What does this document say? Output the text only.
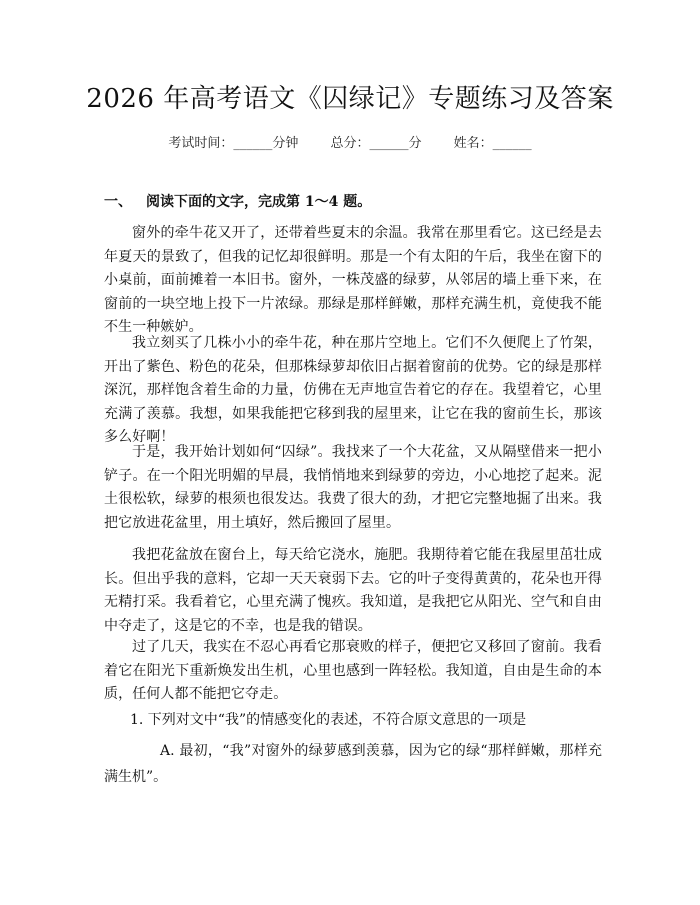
2026 年高考语文《囚绿记》专题练习及答案
考试时间：______分钟 总分：______分 姓名：______
一、 阅读下面的文字，完成第 1～4 题。

窗外的牵牛花又开了，还带着些夏末的余温。我常在那里看它。这已经是去年夏天的景致了，但我的记忆却很鲜明。那是一个有太阳的午后，我坐在窗下的小桌前，面前摊着一本旧书。窗外，一株茂盛的绿萝，从邻居的墙上垂下来，在窗前的一块空地上投下一片浓绿。那绿是那样鲜嫩，那样充满生机，竟使我不能不生一种嫉妒。

我立刻买了几株小小的牵牛花，种在那片空地上。它们不久便爬上了竹架，开出了紫色、粉色的花朵，但那株绿萝却依旧占据着窗前的优势。它的绿是那样深沉，那样饱含着生命的力量，仿佛在无声地宣告着它的存在。我望着它，心里充满了羡慕。我想，如果我能把它移到我的屋里来，让它在我的窗前生长，那该多么好啊！

于是，我开始计划如何“囚绿”。我找来了一个大花盆，又从隔壁借来一把小铲子。在一个阳光明媚的早晨，我悄悄地来到绿萝的旁边，小心地挖了起来。泥土很松软，绿萝的根须也很发达。我费了很大的劲，才把它完整地掘了出来。我把它放进花盆里，用土填好，然后搬回了屋里。

我把花盆放在窗台上，每天给它浇水，施肥。我期待着它能在我屋里茁壮成长。但出乎我的意料，它却一天天衰弱下去。它的叶子变得黄黄的，花朵也开得无精打采。我看着它，心里充满了愧疚。我知道，是我把它从阳光、空气和自由中夺走了，这是它的不幸，也是我的错误。

过了几天，我实在不忍心再看它那衰败的样子，便把它又移回了窗前。我看着它在阳光下重新焕发出生机，心里也感到一阵轻松。我知道，自由是生命的本质，任何人都不能把它夺走。

1. 下列对文中“我”的情感变化的表述，不符合原文意思的一项是

A. 最初，“我”对窗外的绿萝感到羡慕，因为它的绿“那样鲜嫩，那样充满生机”。
